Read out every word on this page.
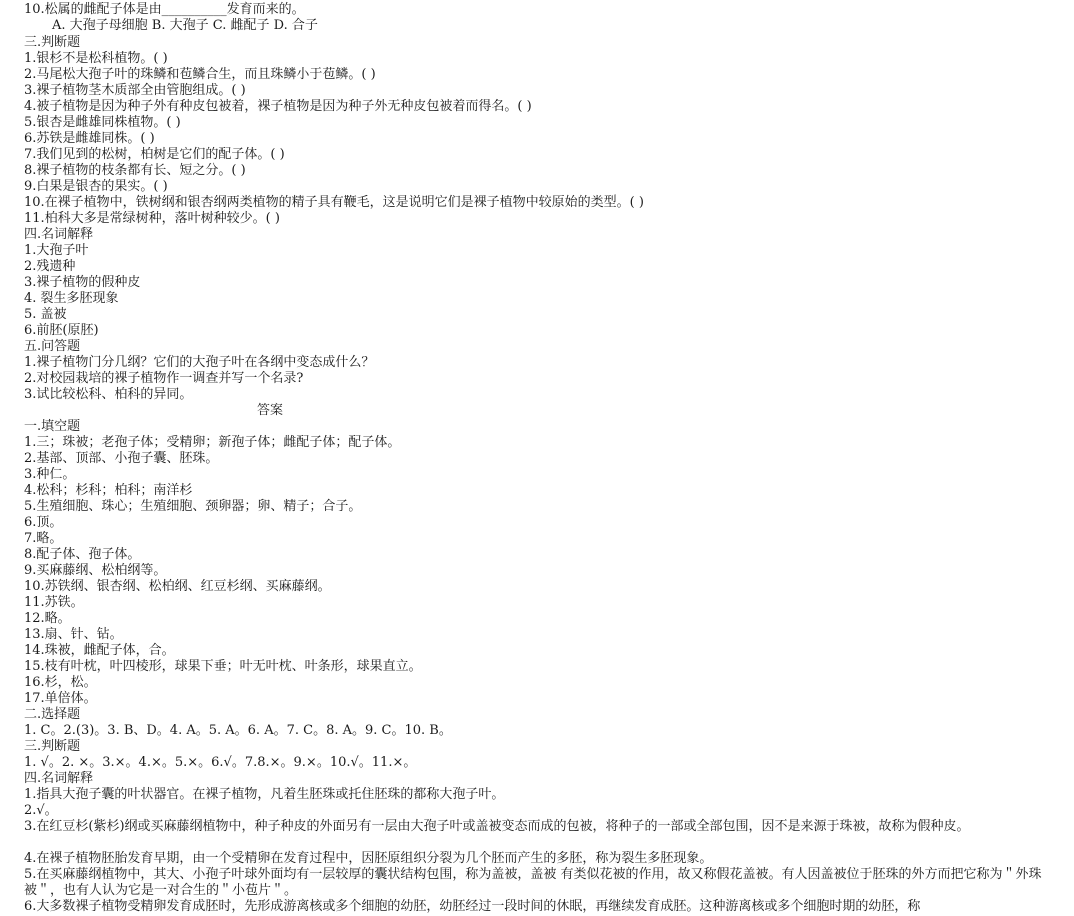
10.松属的雌配子体是由__________发育而来的。
A. 大孢子母细胞 B. 大孢子 C. 雌配子 D. 合子
三.判断题
1.银杉不是松科植物。( )
2.马尾松大孢子叶的珠鳞和苞鳞合生，而且珠鳞小于苞鳞。( )
3.裸子植物茎木质部全由管胞组成。( )
4.被子植物是因为种子外有种皮包被着，裸子植物是因为种子外无种皮包被着而得名。( )
5.银杏是雌雄同株植物。( )
6.苏铁是雌雄同株。( )
7.我们见到的松树，柏树是它们的配子体。( )
8.裸子植物的枝条都有长、短之分。( )
9.白果是银杏的果实。( )
10.在裸子植物中，铁树纲和银杏纲两类植物的精子具有鞭毛，这是说明它们是裸子植物中较原始的类型。( )
11.柏科大多是常绿树种，落叶树种较少。( )
四.名词解释
1.大孢子叶
2.残遗种
3.裸子植物的假种皮
4. 裂生多胚现象
5. 盖被
6.前胚(原胚)
五.问答题
1.裸子植物门分几纲？它们的大孢子叶在各纲中变态成什么？
2.对校园栽培的裸子植物作一调查并写一个名录?
3.试比较松科、柏科的异同。
答案
一.填空题
1.三；珠被；老孢子体；受精卵；新孢子体；雌配子体；配子体。
2.基部、顶部、小孢子囊、胚珠。
3.种仁。
4.松科；杉科；柏科；南洋杉
5.生殖细胞、珠心；生殖细胞、颈卵器；卵、精子；合子。
6.顶。
7.略。
8.配子体、孢子体。
9.买麻藤纲、松柏纲等。
10.苏铁纲、银杏纲、松柏纲、红豆杉纲、买麻藤纲。
11.苏铁。
12.略。
13.扇、针、钻。
14.珠被，雌配子体，合。
15.枝有叶枕，叶四棱形，球果下垂；叶无叶枕、叶条形，球果直立。
16.杉，松。
17.单倍体。
二.选择题
1. C。2.(3)。3. B、D。4. A。5. A。6. A。7. C。8. A。9. C。10. B。
三.判断题
1. √。2. ×。3.×。4.×。5.×。6.√。7.8.×。9.×。10.√。11.×。
四.名词解释
1.指具大孢子囊的叶状器官。在裸子植物，凡着生胚珠或托住胚珠的都称大孢子叶。
2.√。
3.在红豆杉(紫杉)纲或买麻藤纲植物中，种子种皮的外面另有一层由大孢子叶或盖被变态而成的包被，将种子的一部或全部包围，因不是来源于珠被，故称为假种皮。
4.在裸子植物胚胎发育早期，由一个受精卵在发育过程中，因胚原组织分裂为几个胚而产生的多胚，称为裂生多胚现象。
5.在买麻藤纲植物中，其大、小孢子叶球外面均有一层较厚的囊状结构包围，称为盖被，盖被 有类似花被的作用，故又称假花盖被。有人因盖被位于胚珠的外方而把它称为＂外珠被＂，也有人认为它是一对合生的＂小苞片＂。
6.大多数裸子植物受精卵发育成胚时，先形成游离核或多个细胞的幼胚，幼胚经过一段时间的休眠，再继续发育成胚。这种游离核或多个细胞时期的幼胚，称
